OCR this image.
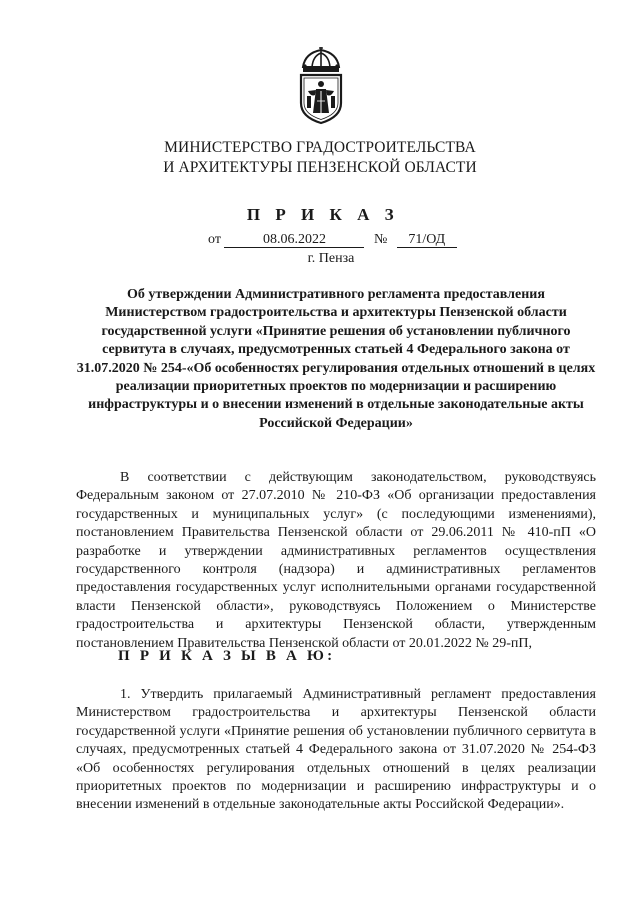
МИНИСТЕРСТВО ГРАДОСТРОИТЕЛЬСТВА
И АРХИТЕКТУРЫ ПЕНЗЕНСКОЙ ОБЛАСТИ
П Р И К А З
от	08.06.2022	№ 71/ОД
г. Пенза
Об утверждении Административного регламента предоставления Министерством градостроительства и архитектуры Пензенской области государственной услуги «Принятие решения об установлении публичного сервитута в случаях, предусмотренных статьей 4 Федерального закона от 31.07.2020 № 254-«Об особенностях регулирования отдельных отношений в целях реализации приоритетных проектов по модернизации и расширению инфраструктуры и о внесении изменений в отдельные законодательные акты Российской Федерации»

В соответствии с действующим законодательством, руководствуясь Федеральным законом от 27.07.2010 № 210-ФЗ «Об организации предоставления государственных и муниципальных услуг» (с последующими изменениями), постановлением Правительства Пензенской области от 29.06.2011 № 410-пП «О разработке и утверждении административных регламентов осуществления государственного контроля (надзора) и административных регламентов предоставления государственных услуг исполнительными органами государственной власти Пензенской области», руководствуясь Положением о Министерстве градостроительства и архитектуры Пензенской области, утвержденным постановлением Правительства Пензенской области от 20.01.2022 № 29-пП,

П Р И К А З Ы В А Ю:

1. Утвердить прилагаемый Административный регламент предоставления Министерством градостроительства и архитектуры Пензенской области государственной услуги «Принятие решения об установлении публичного сервитута в случаях, предусмотренных статьей 4 Федерального закона от 31.07.2020 № 254-ФЗ «Об особенностях регулирования отдельных отношений в целях реализации приоритетных проектов по модернизации и расширению инфраструктуры и о внесении изменений в отдельные законодательные акты Российской Федерации».
